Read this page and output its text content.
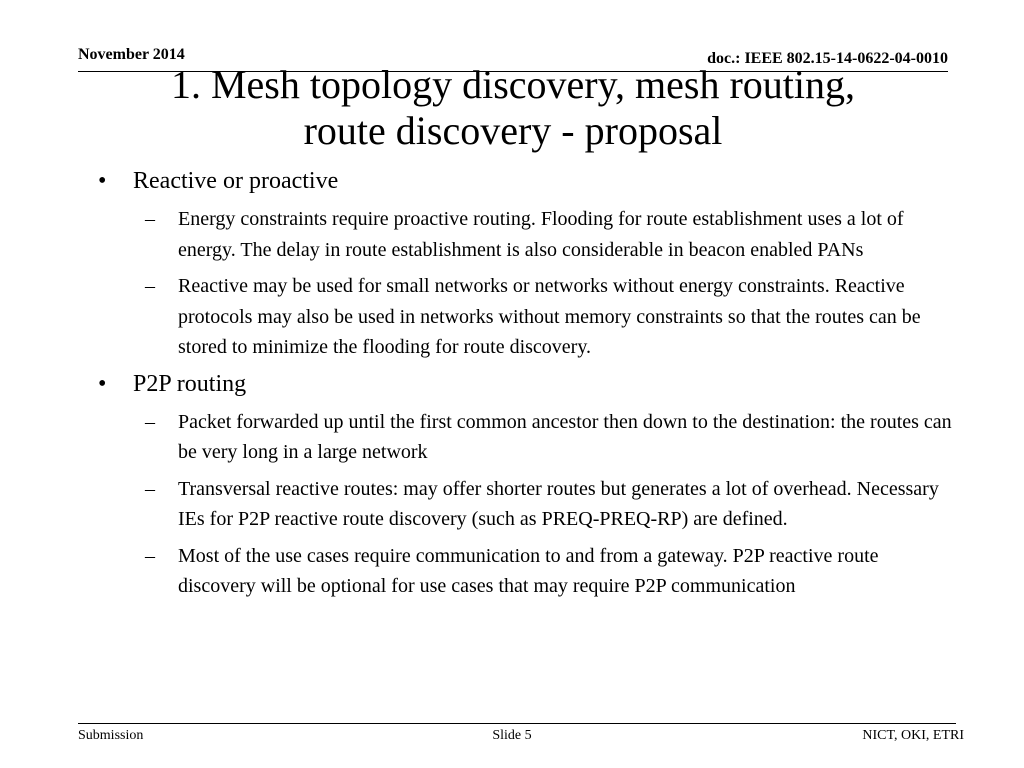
November 2014	doc.: IEEE 802.15-14-0622-04-0010
1. Mesh topology discovery, mesh routing,
route discovery - proposal
• Reactive or proactive
– Energy constraints require proactive routing. Flooding for route establishment uses a lot of energy. The delay in route establishment is also considerable in beacon enabled PANs
– Reactive may be used for small networks or networks without energy constraints. Reactive protocols may also be used in networks without memory constraints so that the routes can be stored to minimize the flooding for route discovery.
• P2P routing
– Packet forwarded up until the first common ancestor then down to the destination: the routes can be very long in a large network
– Transversal reactive routes: may offer shorter routes but generates a lot of overhead. Necessary IEs for P2P reactive route discovery (such as PREQ-PREQ-RP) are defined.
– Most of the use cases require communication to and from a gateway. P2P reactive route discovery will be optional for use cases that may require P2P communication
Submission	Slide 5	NICT, OKI, ETRI
